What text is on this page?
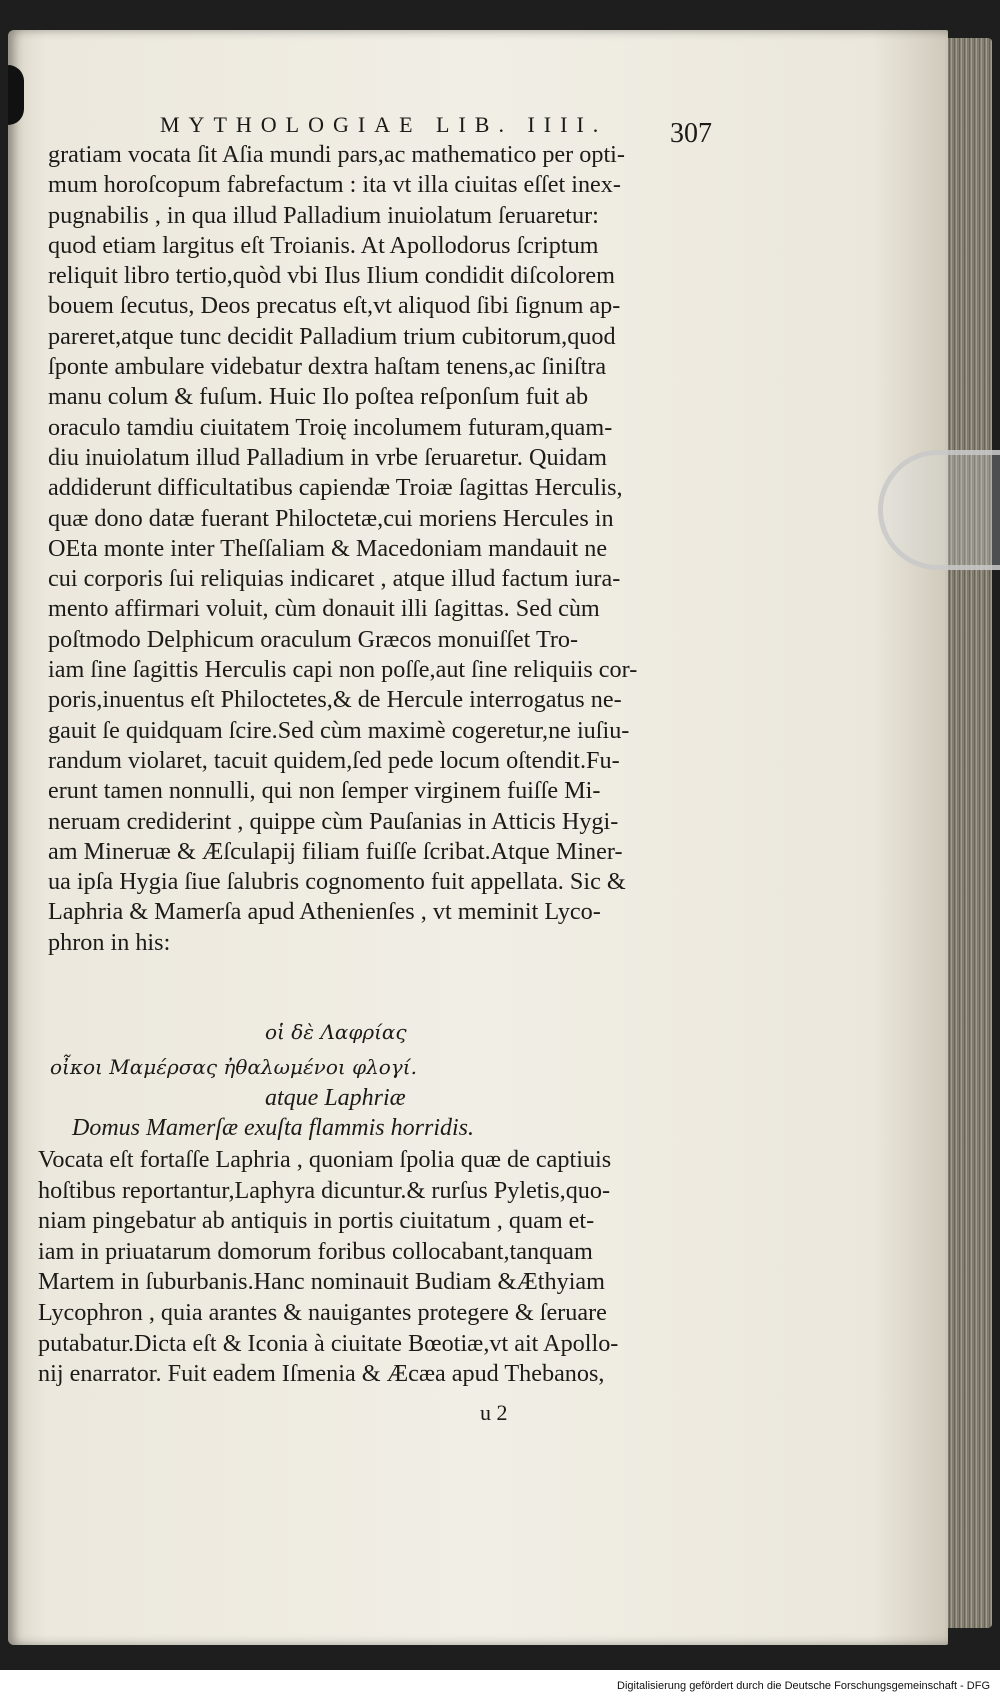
MYTHOLOGIAE LIB. IIII.	307
gratiam vocata ſit Aſia mundi pars,ac mathematico per opti-
mum horoſcopum fabrefactum : ita vt illa ciuitas eſſet inex-
pugnabilis , in qua illud Palladium inuiolatum ſeruaretur:
quod etiam largitus eſt Troianis. At Apollodorus ſcriptum
reliquit libro tertio,quòd vbi Ilus Ilium condidit diſcolorem
bouem ſecutus, Deos precatus eſt,vt aliquod ſibi ſignum ap-
pareret,atque tunc decidit Palladium trium cubitorum,quod
ſponte ambulare videbatur dextra haſtam tenens,ac ſiniſtra
manu colum & fuſum. Huic Ilo poſtea reſponſum fuit ab
oraculo tamdiu ciuitatem Troię incolumem futuram,quam-
diu inuiolatum illud Palladium in vrbe ſeruaretur. Quidam
addiderunt difficultatibus capiendæ Troiæ ſagittas Herculis,
quæ dono datæ fuerant Philoctetæ,cui moriens Hercules in
OEta monte inter Theſſaliam & Macedoniam mandauit ne
cui corporis ſui reliquias indicaret , atque illud factum iura-
mento affirmari voluit, cùm donauit illi ſagittas. Sed cùm
poſtmodo Delphicum oraculum Græcos monuiſſet Tro-
iam ſine ſagittis Herculis capi non poſſe,aut ſine reliquiis cor-
poris,inuentus eſt Philoctetes,& de Hercule interrogatus ne-
gauit ſe quidquam ſcire.Sed cùm maximè cogeretur,ne iuſiu-
randum violaret, tacuit quidem,ſed pede locum oſtendit.Fu-
erunt tamen nonnulli, qui non ſemper virginem fuiſſe Mi-
neruam crediderint , quippe cùm Pauſanias in Atticis Hygi-
am Mineruæ & Æſculapij filiam fuiſſe ſcribat.Atque Miner-
ua ipſa Hygia ſiue ſalubris cognomento fuit appellata. Sic &
Laphria & Mamerſa apud Athenienſes , vt meminit Lyco-
phron in his:
οἱ δὲ Λαφρίας
οἶκοι Μαμέρσας ἠθαλωμένοι φλογί.
atque Laphriæ
Domus Mamerſæ exuſta flammis horridis.
Vocata eſt fortaſſe Laphria , quoniam ſpolia quæ de captiuis
hoſtibus reportantur,Laphyra dicuntur.& rurſus Pyletis,quo-
niam pingebatur ab antiquis in portis ciuitatum , quam et-
iam in priuatarum domorum foribus collocabant,tanquam
Martem in ſuburbanis.Hanc nominauit Budiam &Æthyiam
Lycophron , quia arantes & nauigantes protegere & ſeruare
putabatur.Dicta eſt & Iconia à ciuitate Bœotiæ,vt ait Apollo-
nij enarrator. Fuit eadem Iſmenia & Æcæa apud Thebanos,
u 2
Digitalisierung gefördert durch die Deutsche Forschungsgemeinschaft - DFG
